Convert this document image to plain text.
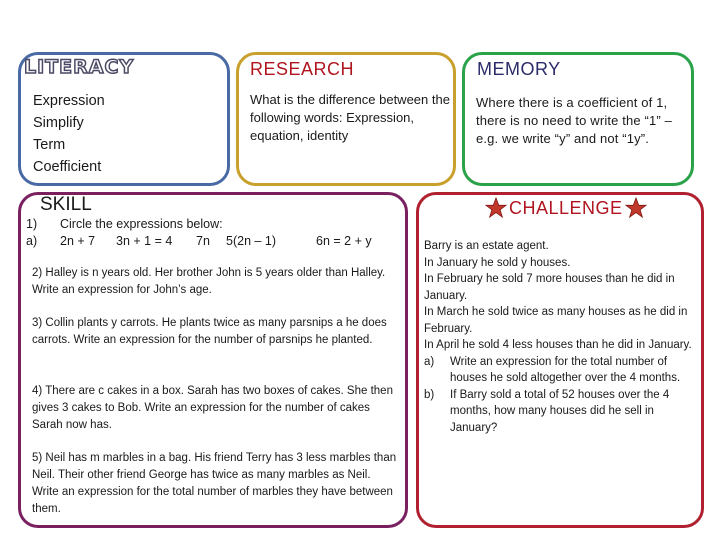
LITERACY
Expression
Simplify
Term
Coefficient
RESEARCH
What is the difference between the following words: Expression, equation, identity
MEMORY
Where there is a coefficient of 1, there is no need to write the “1” – e.g. we write “y” and not “1y”.
SKILL
1)	Circle the expressions below:
a)	2n + 7	3n + 1 = 4	7n	5(2n – 1)	6n = 2 + y
2) Halley is n years old. Her brother John is 5 years older than Halley. Write an expression for John’s age.
3) Collin plants y carrots. He plants twice as many parsnips a he does carrots. Write an expression for the number of parsnips he planted.
4) There are c cakes in a box. Sarah has two boxes of cakes. She then gives 3 cakes to Bob. Write an expression for the number of cakes Sarah now has.
5) Neil has m marbles in a bag. His friend Terry has 3 less marbles than Neil. Their other friend George has twice as many marbles as Neil. Write an expression for the total number of marbles they have between them.
CHALLENGE
Barry is an estate agent.
In January he sold y houses.
In February he sold 7 more houses than he did in January.
In March he sold twice as many houses as he did in February.
In April he sold 4 less houses than he did in January.
a)	Write an expression for the total number of houses he sold altogether over the 4 months.
b)	If Barry sold a total of 52 houses over the 4 months, how many houses did he sell in January?
